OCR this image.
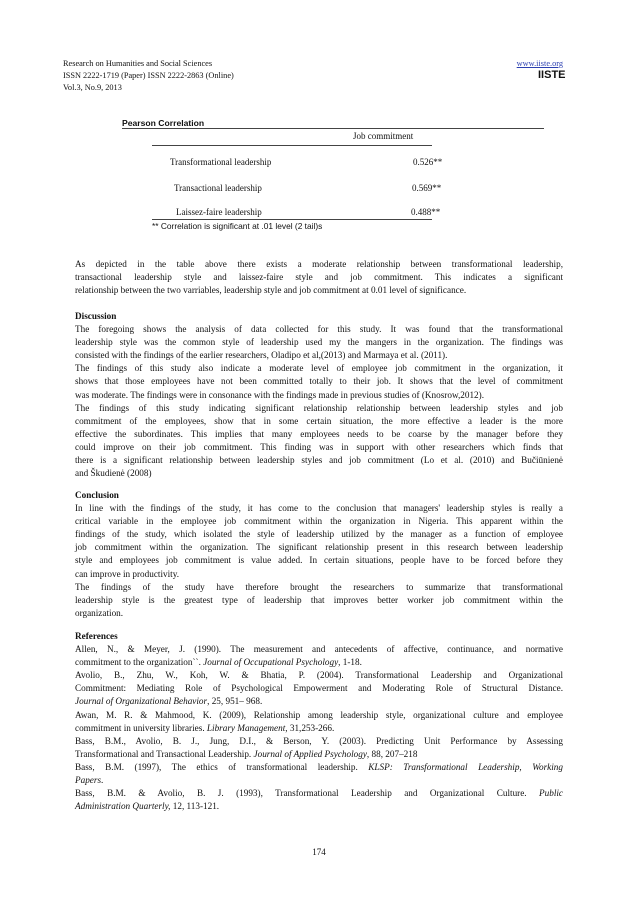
Research on Humanities and Social Sciences
ISSN 2222-1719 (Paper) ISSN 2222-2863 (Online)
Vol.3, No.9, 2013
www.iiste.org
IISTE
Pearson Correlation
Job commitment
Transformational leadership	0.526**
Transactional leadership	0.569**
Laissez-faire leadership	0.488**
** Correlation is significant at .01 level (2 tail)s
As depicted in the table above there exists a moderate relationship between transformational leadership,
transactional leadership style and laissez-faire style and job commitment. This indicates a significant
relationship between the two varriables, leadership style and job commitment at 0.01 level of significance.
Discussion
The foregoing shows the analysis of data collected for this study. It was found that the transformational
leadership style was the common style of leadership used my the mangers in the organization. The findings was
consisted with the findings of the earlier researchers, Oladipo et al,(2013) and Marmaya et al. (2011).
The findings of this study also indicate a moderate level of employee job commitment in the organization, it
shows that those employees have not been committed totally to their job. It shows that the level of commitment
was moderate. The findings were in consonance with the findings made in previous studies of (Knosrow,2012).
The findings of this study indicating significant relationship relationship between leadership styles and job
commitment of the employees, show that in some certain situation, the more effective a leader is the more
effective the subordinates. This implies that many employees needs to be coarse by the manager before they
could improve on their job commitment. This finding was in support with other researchers which finds that
there is a significant relationship between leadership styles and job commitment (Lo et al. (2010) and Bučiūnienė
and Škudienė (2008)
Conclusion
In line with the findings of the study, it has come to the conclusion that managers' leadership styles is really a
critical variable in the employee job commitment within the organization in Nigeria. This apparent within the
findings of the study, which isolated the style of leadership utilized by the manager as a function of employee
job commitment within the organization. The significant relationship present in this research between leadership
style and employees job commitment is value added. In certain situations, people have to be forced before they
can improve in productivity.
The findings of the study have therefore brought the researchers to summarize that transformational
leadership style is the greatest type of leadership that improves better worker job commitment within the
organization.
References
Allen, N., & Meyer, J. (1990). The measurement and antecedents of affective, continuance, and normative
commitment to the organization``. Journal of Occupational Psychology, 1-18.
Avolio, B., Zhu, W., Koh, W. & Bhatia, P. (2004). Transformational Leadership and Organizational
Commitment: Mediating Role of Psychological Empowerment and Moderating Role of Structural Distance.
Journal of Organizational Behavior, 25, 951– 968.
Awan, M. R. & Mahmood, K. (2009), Relationship among leadership style, organizational culture and employee
commitment in university libraries. Library Management, 31,253-266.
Bass, B.M., Avolio, B. J., Jung, D.I., & Berson, Y. (2003). Predicting Unit Performance by Assessing
Transformational and Transactional Leadership. Journal of Applied Psychology, 88, 207–218
Bass, B.M. (1997), The ethics of transformational leadership. KLSP: Transformational Leadership, Working
Papers.
Bass, B.M. & Avolio, B. J. (1993), Transformational Leadership and Organizational Culture. Public
Administration Quarterly, 12, 113-121.
174
